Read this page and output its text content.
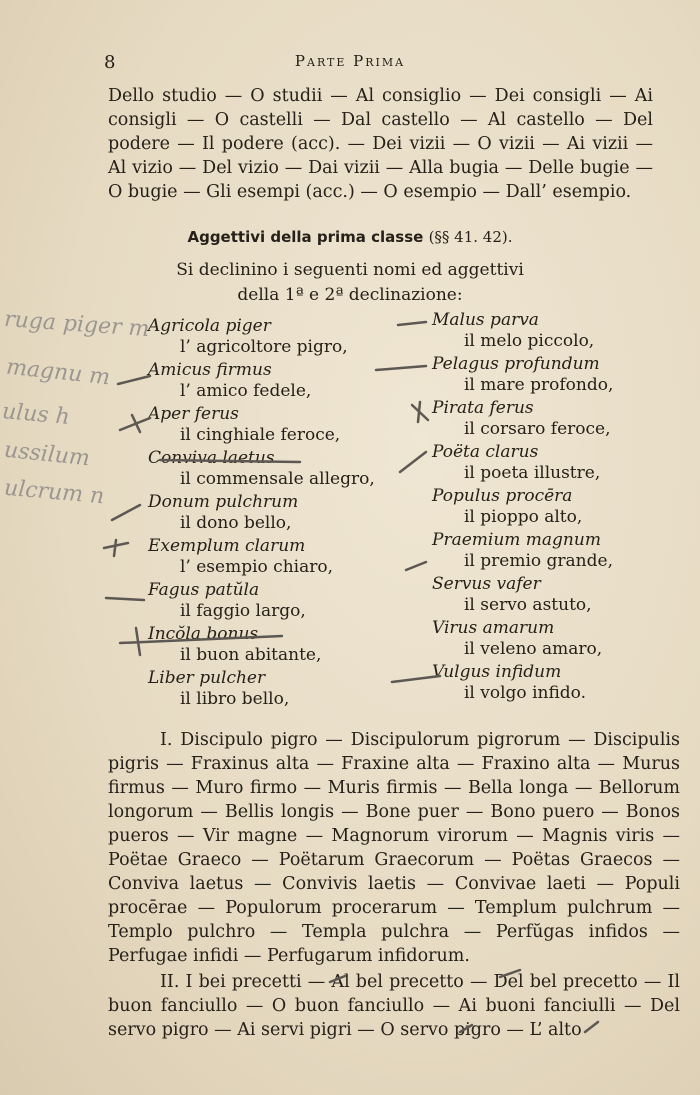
8	Parte Prima

Dello studio — O studii — Al consiglio — Dei consigli — Ai consigli — O castelli — Dal castello — Al castello — Del podere — Il podere (acc). — Dei vizii — O vizii — Ai vizii — Al vizio — Del vizio — Dai vizii — Alla bugia — Delle bugie — O bugie — Gli esempi (acc.) — O esempio — Dall’ esempio.

Aggettivi della prima classe (§§ 41. 42).
Si declinino i seguenti nomi ed aggettivi
della 1ª e 2ª declinazione:
Agricola piger
l’ agricoltore pigro,
Amicus firmus
l’ amico fedele,
Aper ferus
il cinghiale feroce,
Conviva laetus
il commensale allegro,
Donum pulchrum
il dono bello,
Exemplum clarum
l’ esempio chiaro,
Fagus patŭla
il faggio largo,
Incŏla bonus
il buon abitante,
Liber pulcher
il libro bello,
Malus parva
il melo piccolo,
Pelagus profundum
il mare profondo,
Pirata ferus
il corsaro feroce,
Poëta clarus
il poeta illustre,
Populus procēra
il pioppo alto,
Praemium magnum
il premio grande,
Servus vafer
il servo astuto,
Virus amarum
il veleno amaro,
Vulgus infidum
il volgo infido.

I. Discipulo pigro — Discipulorum pigrorum — Discipulis pigris — Fraxinus alta — Fraxine alta — Fraxino alta — Murus firmus — Muro firmo — Muris firmis — Bella longa — Bellorum longorum — Bellis longis — Bone puer — Bono puero — Bonos pueros — Vir magne — Magnorum virorum — Magnis viris — Poëtae Graeco — Poëtarum Graecorum — Poëtas Graecos — Conviva laetus — Convivis laetis — Convivae laeti — Populi procērae — Populorum procerarum — Templum pulchrum — Templo pulchro — Templa pulchra — Perfŭgas infidos — Perfugae infidi — Perfugarum infidorum.

II. I bei precetti — Al bel precetto — Del bel precetto — Il buon fanciullo — O buon fanciullo — Ai buoni fanciulli — Del servo pigro — Ai servi pigri — O servo pigro — L’ alto

ruga piger m
magnu m
ulus h
ussilum
ulcrum n
